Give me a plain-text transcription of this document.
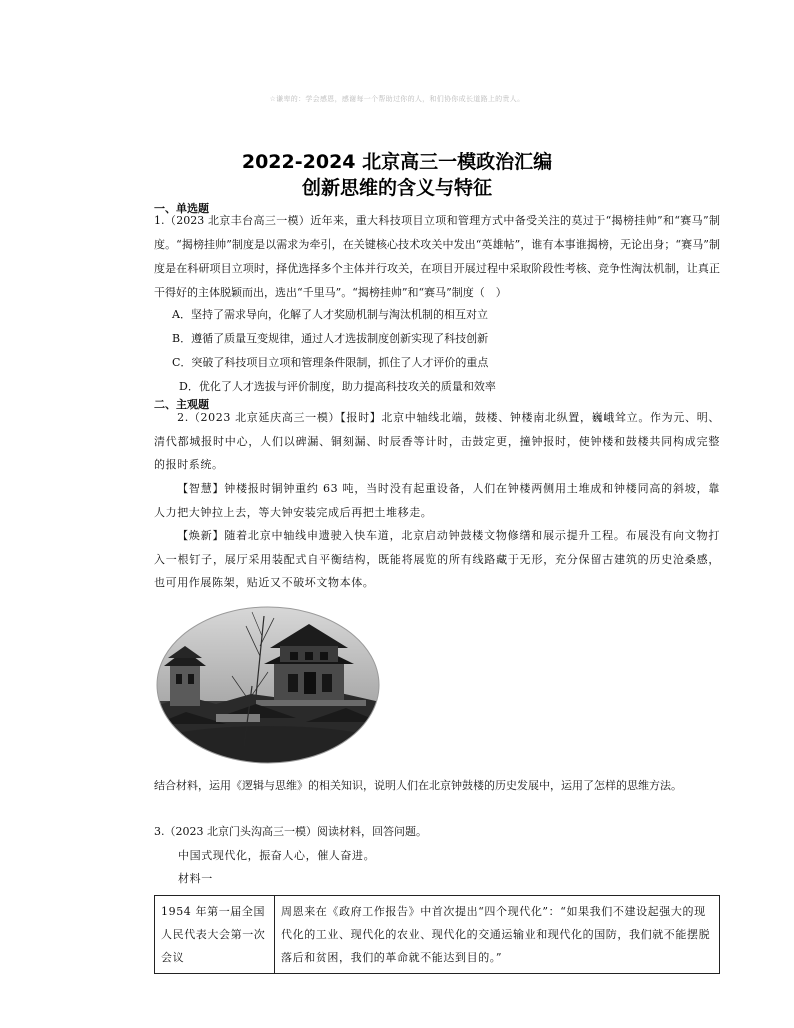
☆谦卑的：学会感恩，感谢每一个帮助过你的人，和们协你成长道路上的贵人。
2022-2024 北京高三一模政治汇编
创新思维的含义与特征
一、单选题
1.（2023 北京丰台高三一模）近年来，重大科技项目立项和管理方式中备受关注的莫过于“揭榜挂帅”和“赛马”制度。“揭榜挂帅”制度是以需求为牵引，在关键核心技术攻关中发出“英雄帖”，谁有本事谁揭榜，无论出身；“赛马”制度是在科研项目立项时，择优选择多个主体并行攻关，在项目开展过程中采取阶段性考核、竞争性淘汰机制，让真正干得好的主体脱颖而出，选出“千里马”。“揭榜挂帅”和“赛马”制度（　）
A．坚持了需求导向，化解了人才奖励机制与淘汰机制的相互对立
B．遵循了质量互变规律，通过人才选拔制度创新实现了科技创新
C．突破了科技项目立项和管理条件限制，抓住了人才评价的重点
D．优化了人才选拔与评价制度，助力提高科技攻关的质量和效率
二、主观题
2.（2023 北京延庆高三一模）【报时】北京中轴线北端，鼓楼、钟楼南北纵置，巍峨耸立。作为元、明、清代都城报时中心，人们以碑漏、铜刻漏、时辰香等计时，击鼓定更，撞钟报时，使钟楼和鼓楼共同构成完整的报时系统。
【智慧】钟楼报时铜钟重约 63 吨，当时没有起重设备，人们在钟楼两侧用土堆成和钟楼同高的斜坡，靠人力把大钟拉上去，等大钟安装完成后再把土堆移走。
【焕新】随着北京中轴线申遗驶入快车道，北京启动钟鼓楼文物修缮和展示提升工程。布展没有向文物打入一根钉子，展厅采用装配式自平衡结构，既能将展览的所有线路藏于无形，充分保留古建筑的历史沧桑感，也可用作展陈架，贴近又不破坏文物本体。
结合材料，运用《逻辑与思维》的相关知识，说明人们在北京钟鼓楼的历史发展中，运用了怎样的思维方法。
3.（2023 北京门头沟高三一模）阅读材料，回答问题。
中国式现代化，振奋人心，催人奋进。
材料一
1954 年第一届全国人民代表大会第一次会议	周恩来在《政府工作报告》中首次提出“四个现代化”：“如果我们不建设起强大的现代化的工业、现代化的农业、现代化的交通运输业和现代化的国防，我们就不能摆脱落后和贫困，我们的革命就不能达到目的。”
